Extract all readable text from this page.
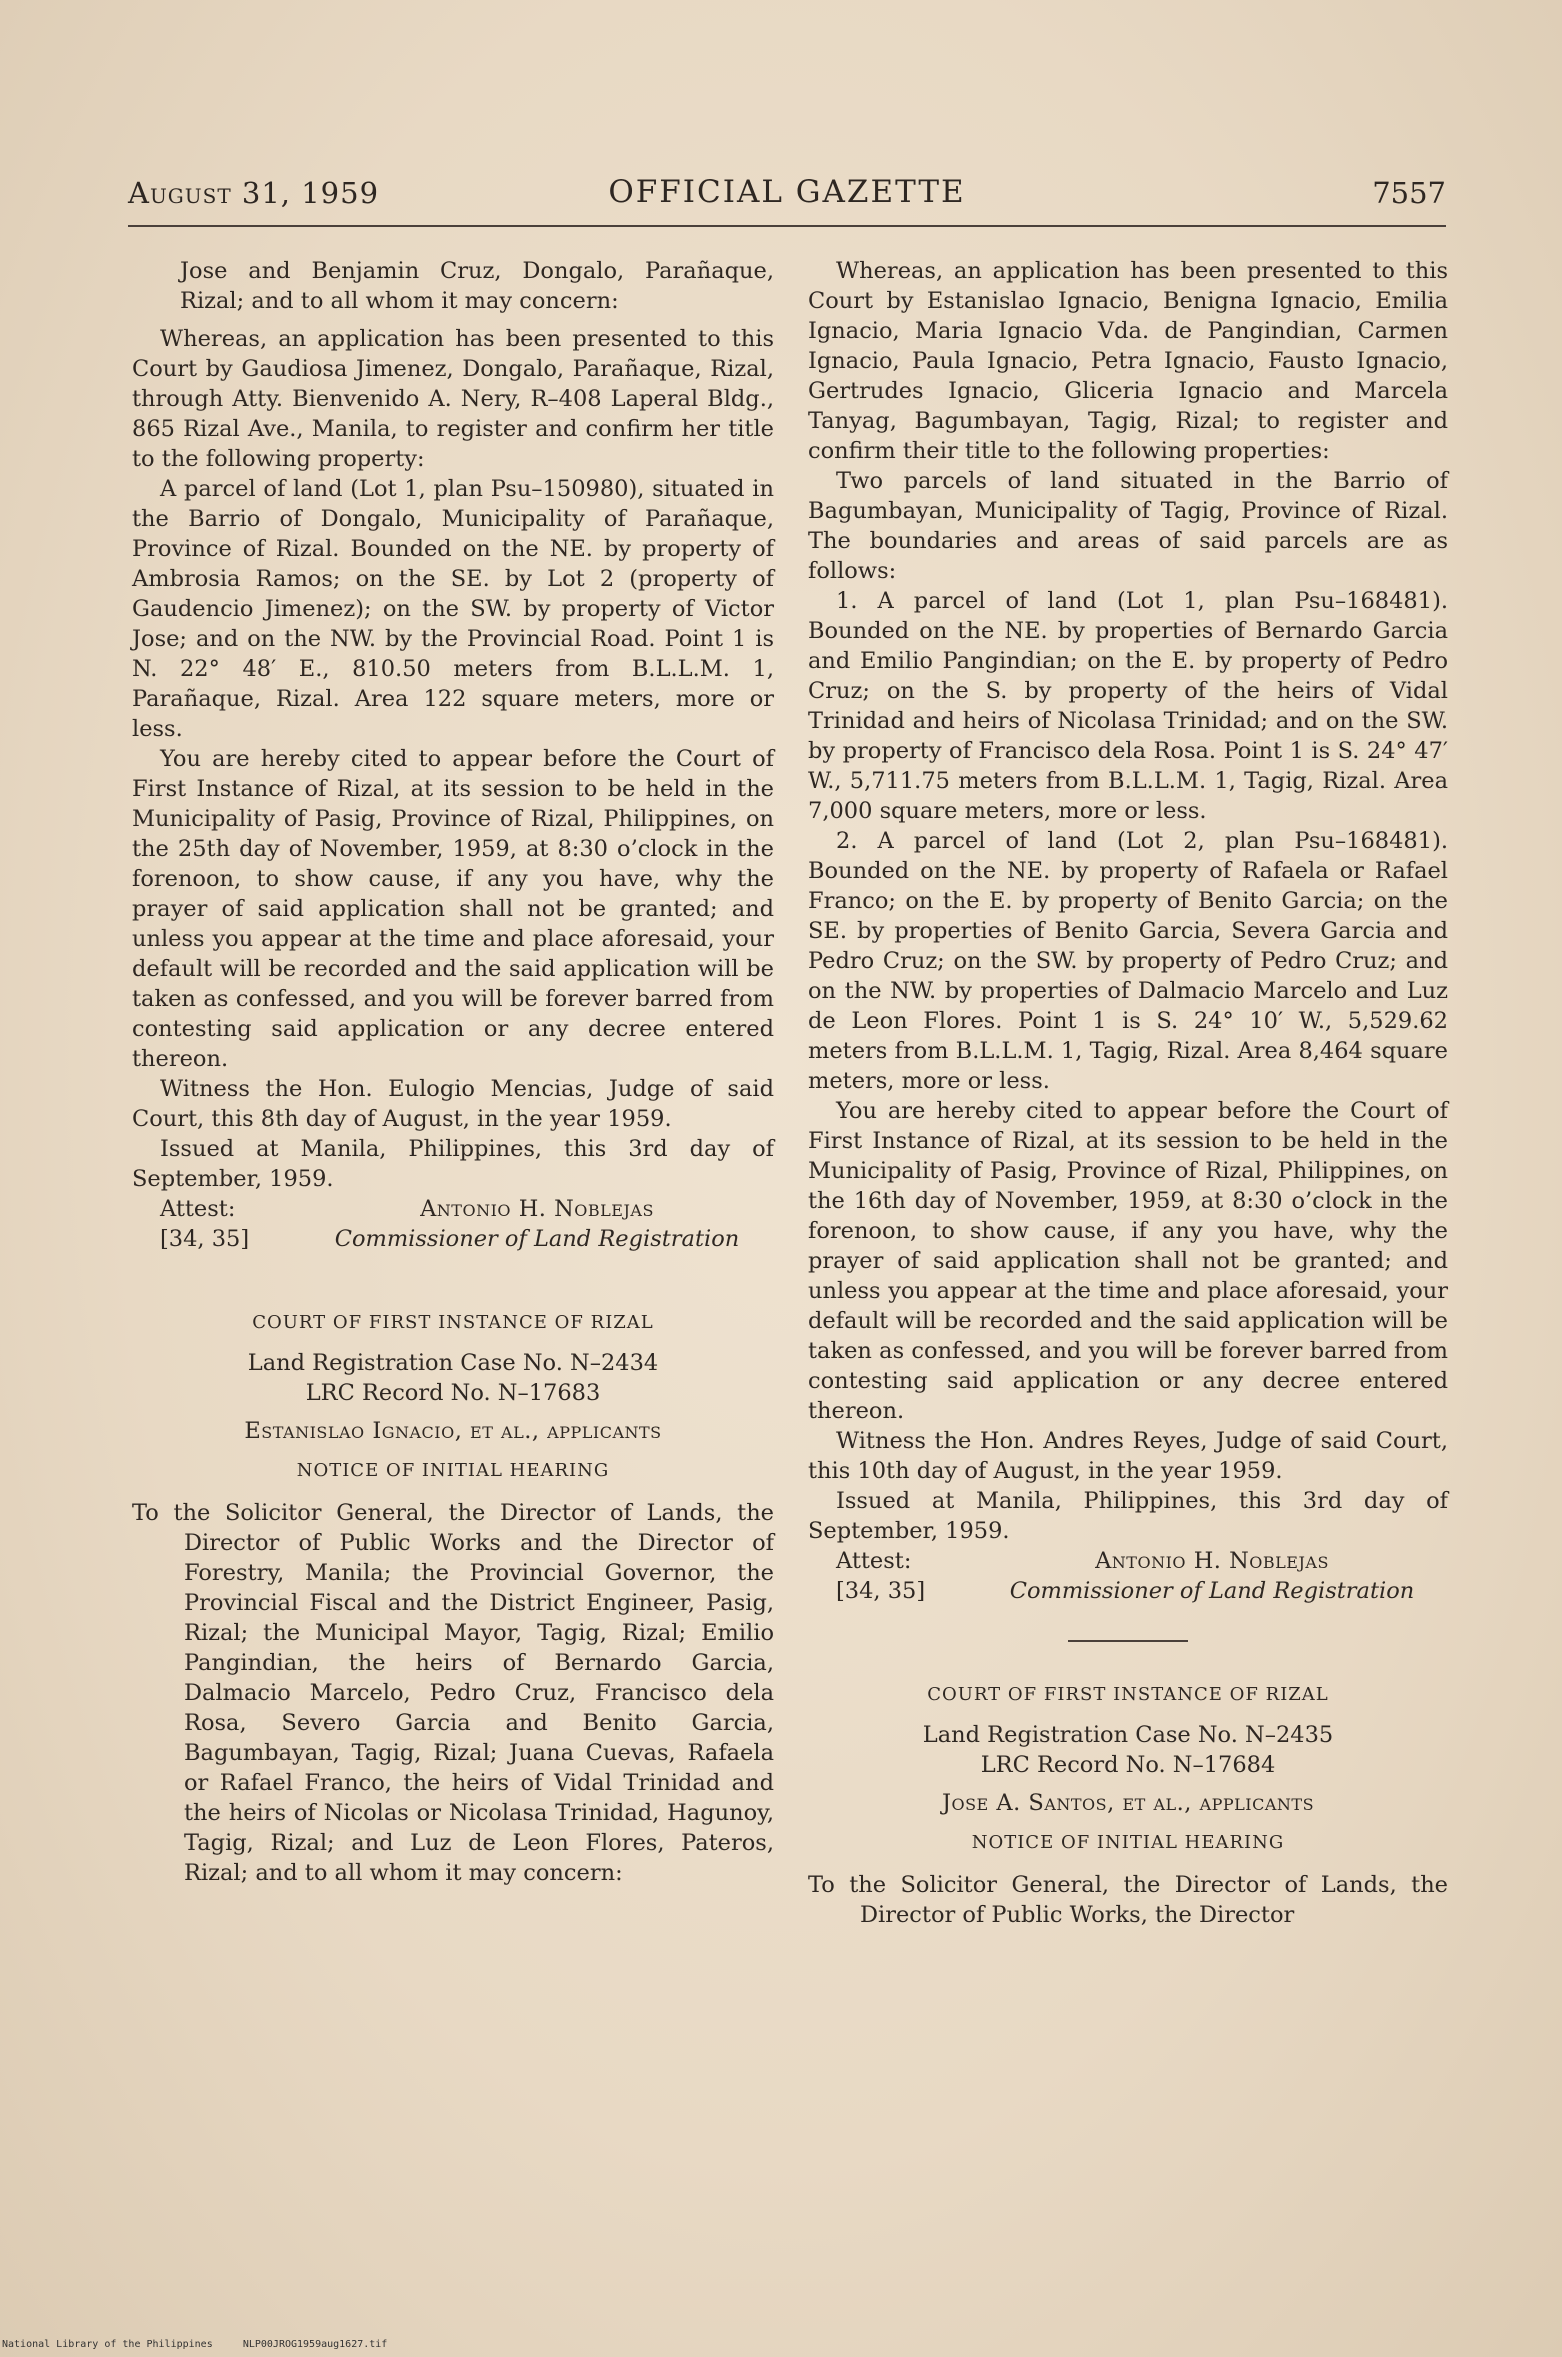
August 31, 1959	OFFICIAL GAZETTE	7557

Jose and Benjamin Cruz, Dongalo, Parañaque, Rizal; and to all whom it may concern:

Whereas, an application has been presented to this Court by Gaudiosa Jimenez, Dongalo, Parañaque, Rizal, through Atty. Bienvenido A. Nery, R–408 Laperal Bldg., 865 Rizal Ave., Manila, to register and confirm her title to the following property:

A parcel of land (Lot 1, plan Psu–150980), situated in the Barrio of Dongalo, Municipality of Parañaque, Province of Rizal. Bounded on the NE. by property of Ambrosia Ramos; on the SE. by Lot 2 (property of Gaudencio Jimenez); on the SW. by property of Victor Jose; and on the NW. by the Provincial Road. Point 1 is N. 22° 48′ E., 810.50 meters from B.L.L.M. 1, Parañaque, Rizal. Area 122 square meters, more or less.

You are hereby cited to appear before the Court of First Instance of Rizal, at its session to be held in the Municipality of Pasig, Province of Rizal, Philippines, on the 25th day of November, 1959, at 8:30 o’clock in the forenoon, to show cause, if any you have, why the prayer of said application shall not be granted; and unless you appear at the time and place aforesaid, your default will be recorded and the said application will be taken as confessed, and you will be forever barred from contesting said application or any decree entered thereon.

Witness the Hon. Eulogio Mencias, Judge of said Court, this 8th day of August, in the year 1959.

Issued at Manila, Philippines, this 3rd day of September, 1959.

Attest:	Antonio H. Noblejas
[34, 35]	Commissioner of Land Registration

COURT OF FIRST INSTANCE OF RIZAL

Land Registration Case No. N–2434

LRC Record No. N–17683

Estanislao Ignacio, et al., applicants

NOTICE OF INITIAL HEARING

To the Solicitor General, the Director of Lands, the Director of Public Works and the Director of Forestry, Manila; the Provincial Governor, the Provincial Fiscal and the District Engineer, Pasig, Rizal; the Municipal Mayor, Tagig, Rizal; Emilio Pangindian, the heirs of Bernardo Garcia, Dalmacio Marcelo, Pedro Cruz, Francisco dela Rosa, Severo Garcia and Benito Garcia, Bagumbayan, Tagig, Rizal; Juana Cuevas, Rafaela or Rafael Franco, the heirs of Vidal Trinidad and the heirs of Nicolas or Nicolasa Trinidad, Hagunoy, Tagig, Rizal; and Luz de Leon Flores, Pateros, Rizal; and to all whom it may concern:

Whereas, an application has been presented to this Court by Estanislao Ignacio, Benigna Ignacio, Emilia Ignacio, Maria Ignacio Vda. de Pangindian, Carmen Ignacio, Paula Ignacio, Petra Ignacio, Fausto Ignacio, Gertrudes Ignacio, Gliceria Ignacio and Marcela Tanyag, Bagumbayan, Tagig, Rizal; to register and confirm their title to the following properties:

Two parcels of land situated in the Barrio of Bagumbayan, Municipality of Tagig, Province of Rizal. The boundaries and areas of said parcels are as follows:

1. A parcel of land (Lot 1, plan Psu–168481). Bounded on the NE. by properties of Bernardo Garcia and Emilio Pangindian; on the E. by property of Pedro Cruz; on the S. by property of the heirs of Vidal Trinidad and heirs of Nicolasa Trinidad; and on the SW. by property of Francisco dela Rosa. Point 1 is S. 24° 47′ W., 5,711.75 meters from B.L.L.M. 1, Tagig, Rizal. Area 7,000 square meters, more or less.

2. A parcel of land (Lot 2, plan Psu–168481). Bounded on the NE. by property of Rafaela or Rafael Franco; on the E. by property of Benito Garcia; on the SE. by properties of Benito Garcia, Severa Garcia and Pedro Cruz; on the SW. by property of Pedro Cruz; and on the NW. by properties of Dalmacio Marcelo and Luz de Leon Flores. Point 1 is S. 24° 10′ W., 5,529.62 meters from B.L.L.M. 1, Tagig, Rizal. Area 8,464 square meters, more or less.

You are hereby cited to appear before the Court of First Instance of Rizal, at its session to be held in the Municipality of Pasig, Province of Rizal, Philippines, on the 16th day of November, 1959, at 8:30 o’clock in the forenoon, to show cause, if any you have, why the prayer of said application shall not be granted; and unless you appear at the time and place aforesaid, your default will be recorded and the said application will be taken as confessed, and you will be forever barred from contesting said application or any decree entered thereon.

Witness the Hon. Andres Reyes, Judge of said Court, this 10th day of August, in the year 1959.

Issued at Manila, Philippines, this 3rd day of September, 1959.

Attest:	Antonio H. Noblejas
[34, 35]	Commissioner of Land Registration

COURT OF FIRST INSTANCE OF RIZAL

Land Registration Case No. N–2435

LRC Record No. N–17684

Jose A. Santos, et al., applicants

NOTICE OF INITIAL HEARING

To the Solicitor General, the Director of Lands, the Director of Public Works, the Director

National Library of the Philippines     NLP00JROG1959aug1627.tif
